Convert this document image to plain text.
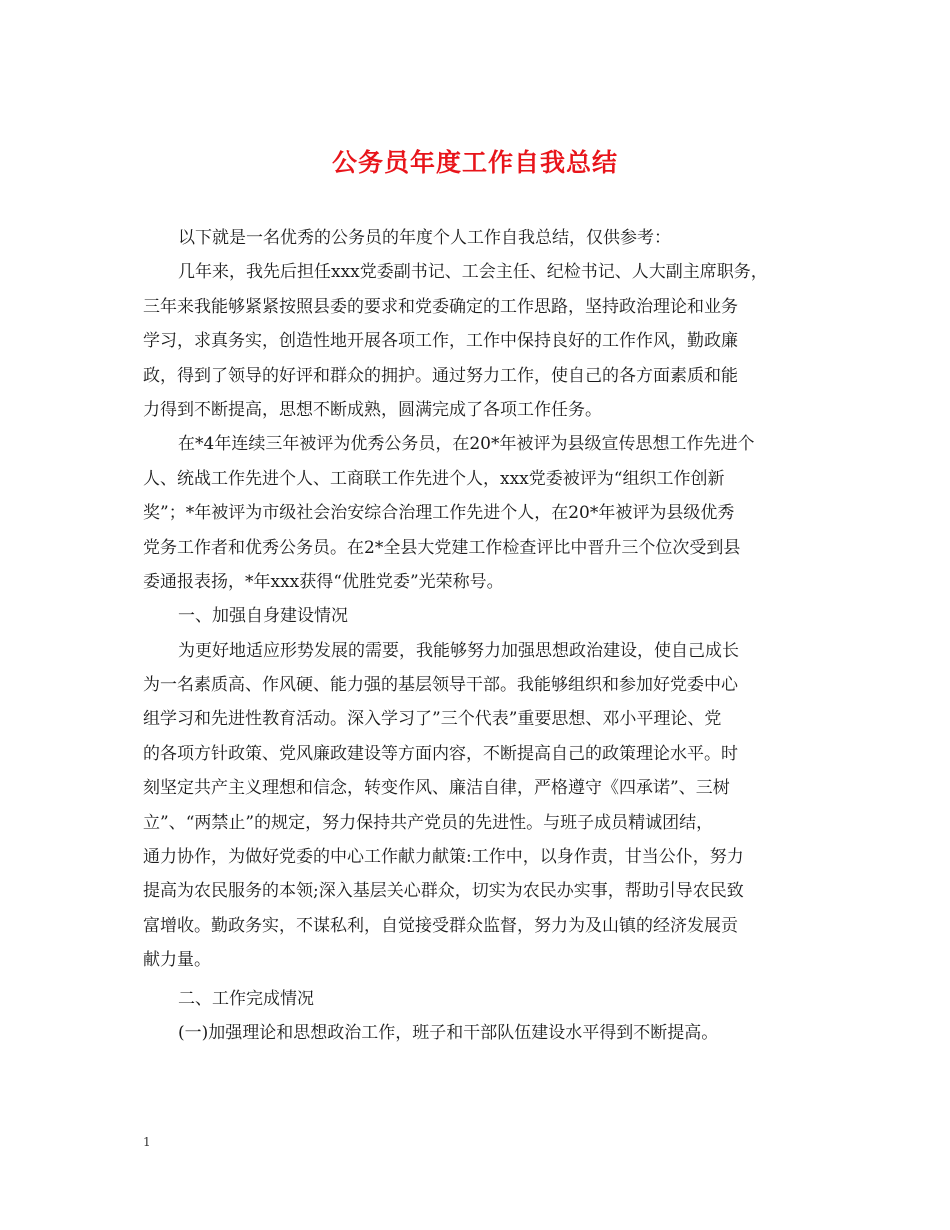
公务员年度工作自我总结
以下就是一名优秀的公务员的年度个人工作自我总结，仅供参考：
几年来，我先后担任xxx党委副书记、工会主任、纪检书记、人大副主席职务，
三年来我能够紧紧按照县委的要求和党委确定的工作思路，坚持政治理论和业务
学习，求真务实，创造性地开展各项工作，工作中保持良好的工作作风，勤政廉
政，得到了领导的好评和群众的拥护。通过努力工作，使自己的各方面素质和能
力得到不断提高，思想不断成熟，圆满完成了各项工作任务。
在*4年连续三年被评为优秀公务员，在20*年被评为县级宣传思想工作先进个
人、统战工作先进个人、工商联工作先进个人，xxx党委被评为“组织工作创新
奖”；*年被评为市级社会治安综合治理工作先进个人，在20*年被评为县级优秀
党务工作者和优秀公务员。在2*全县大党建工作检查评比中晋升三个位次受到县
委通报表扬，*年xxx获得“优胜党委”光荣称号。
一、加强自身建设情况
为更好地适应形势发展的需要，我能够努力加强思想政治建设，使自己成长
为一名素质高、作风硬、能力强的基层领导干部。我能够组织和参加好党委中心
组学习和先进性教育活动。深入学习了”三个代表”重要思想、邓小平理论、党
的各项方针政策、党风廉政建设等方面内容，不断提高自己的政策理论水平。时
刻坚定共产主义理想和信念，转变作风、廉洁自律，严格遵守《四承诺”、三树
立”、“两禁止”的规定，努力保持共产党员的先进性。与班子成员精诚团结，
通力协作，为做好党委的中心工作献力献策:工作中，以身作责，甘当公仆，努力
提高为农民服务的本领;深入基层关心群众，切实为农民办实事，帮助引导农民致
富增收。勤政务实，不谋私利，自觉接受群众监督，努力为及山镇的经济发展贡
献力量。
二、工作完成情况
(一)加强理论和思想政治工作，班子和干部队伍建设水平得到不断提高。
1
